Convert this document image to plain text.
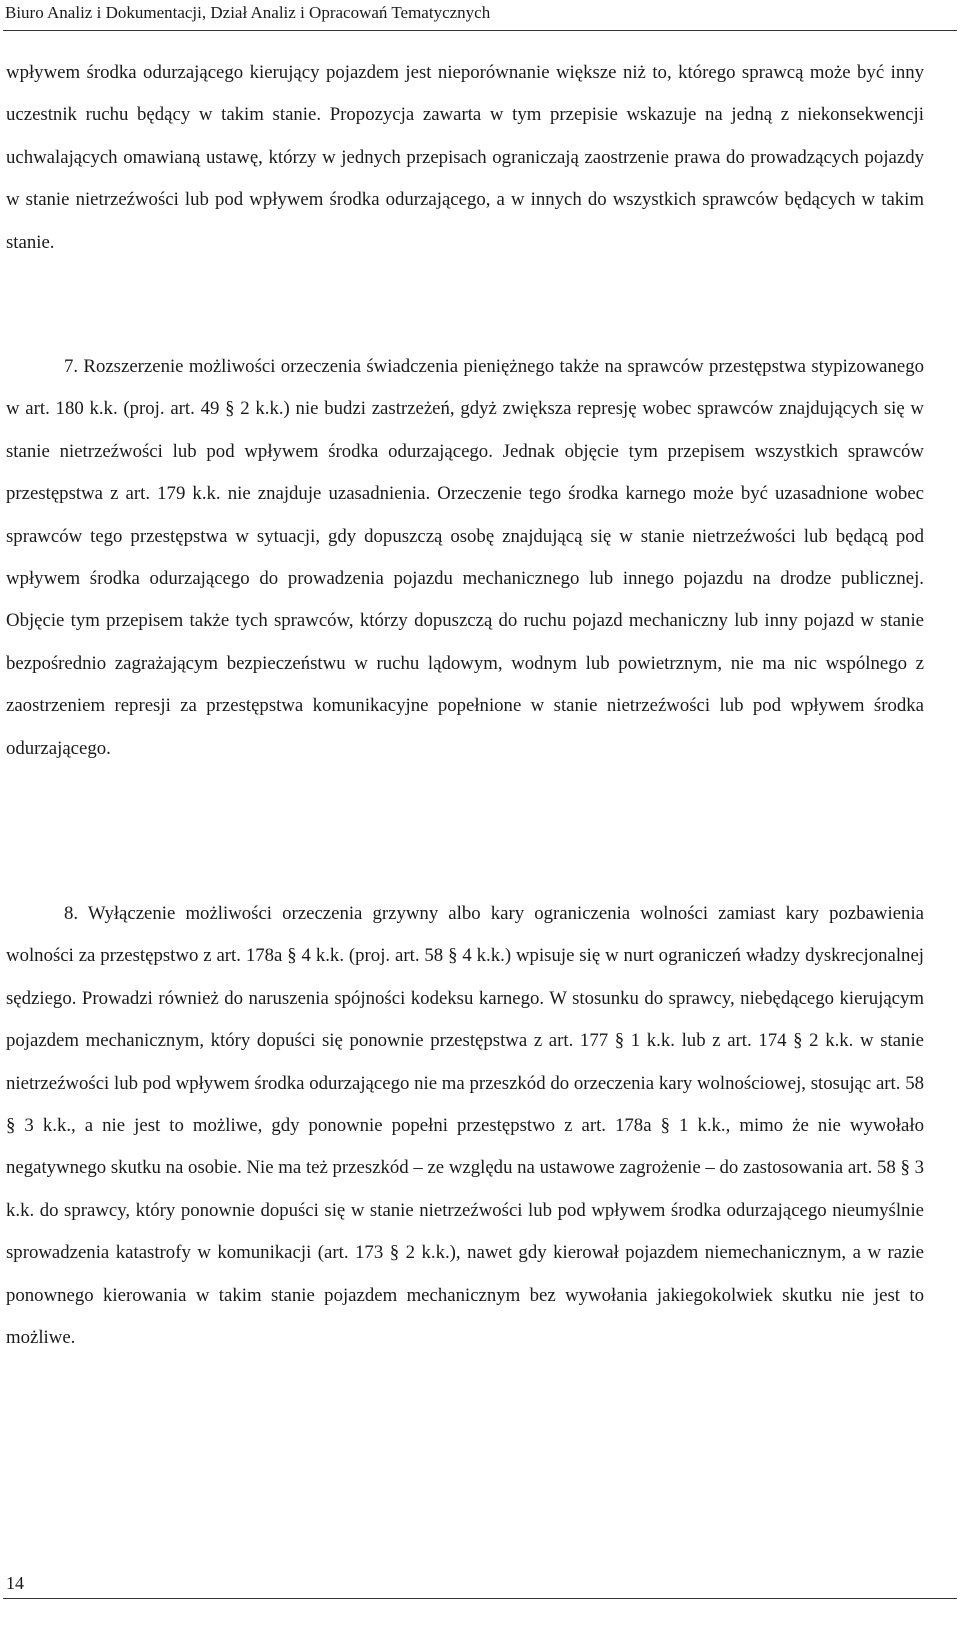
Biuro Analiz i Dokumentacji, Dział Analiz i Opracowań Tematycznych

wpływem środka odurzającego kierujący pojazdem jest nieporównanie większe niż to, którego sprawcą może być inny uczestnik ruchu będący w takim stanie. Propozycja zawarta w tym przepisie wskazuje na jedną z niekonsekwencji uchwalających omawianą ustawę, którzy w jednych przepisach ograniczają zaostrzenie prawa do prowadzących pojazdy w stanie nietrzeźwości lub pod wpływem środka odurzającego, a w innych do wszystkich sprawców będących w takim stanie.

7. Rozszerzenie możliwości orzeczenia świadczenia pieniężnego także na sprawców przestępstwa stypizowanego w art. 180 k.k. (proj. art. 49 § 2 k.k.) nie budzi zastrzeżeń, gdyż zwiększa represję wobec sprawców znajdujących się w stanie nietrzeźwości lub pod wpływem środka odurzającego. Jednak objęcie tym przepisem wszystkich sprawców przestępstwa z art. 179 k.k. nie znajduje uzasadnienia. Orzeczenie tego środka karnego może być uzasadnione wobec sprawców tego przestępstwa w sytuacji, gdy dopuszczą osobę znajdującą się w stanie nietrzeźwości lub będącą pod wpływem środka odurzającego do prowadzenia pojazdu mechanicznego lub innego pojazdu na drodze publicznej. Objęcie tym przepisem także tych sprawców, którzy dopuszczą do ruchu pojazd mechaniczny lub inny pojazd w stanie bezpośrednio zagrażającym bezpieczeństwu w ruchu lądowym, wodnym lub powietrznym, nie ma nic wspólnego z zaostrzeniem represji za przestępstwa komunikacyjne popełnione w stanie nietrzeźwości lub pod wpływem środka odurzającego.

8. Wyłączenie możliwości orzeczenia grzywny albo kary ograniczenia wolności zamiast kary pozbawienia wolności za przestępstwo z art. 178a § 4 k.k. (proj. art. 58 § 4 k.k.) wpisuje się w nurt ograniczeń władzy dyskrecjonalnej sędziego. Prowadzi również do naruszenia spójności kodeksu karnego. W stosunku do sprawcy, niebędącego kierującym pojazdem mechanicznym, który dopuści się ponownie przestępstwa z art. 177 § 1 k.k. lub z art. 174 § 2 k.k. w stanie nietrzeźwości lub pod wpływem środka odurzającego nie ma przeszkód do orzeczenia kary wolnościowej, stosując art. 58 § 3 k.k., a nie jest to możliwe, gdy ponownie popełni przestępstwo z art. 178a § 1 k.k., mimo że nie wywołało negatywnego skutku na osobie. Nie ma też przeszkód – ze względu na ustawowe zagrożenie – do zastosowania art. 58 § 3 k.k. do sprawcy, który ponownie dopuści się w stanie nietrzeźwości lub pod wpływem środka odurzającego nieumyślnie sprowadzenia katastrofy w komunikacji (art. 173 § 2 k.k.), nawet gdy kierował pojazdem niemechanicznym, a w razie ponownego kierowania w takim stanie pojazdem mechanicznym bez wywołania jakiegokolwiek skutku nie jest to możliwe.

14
